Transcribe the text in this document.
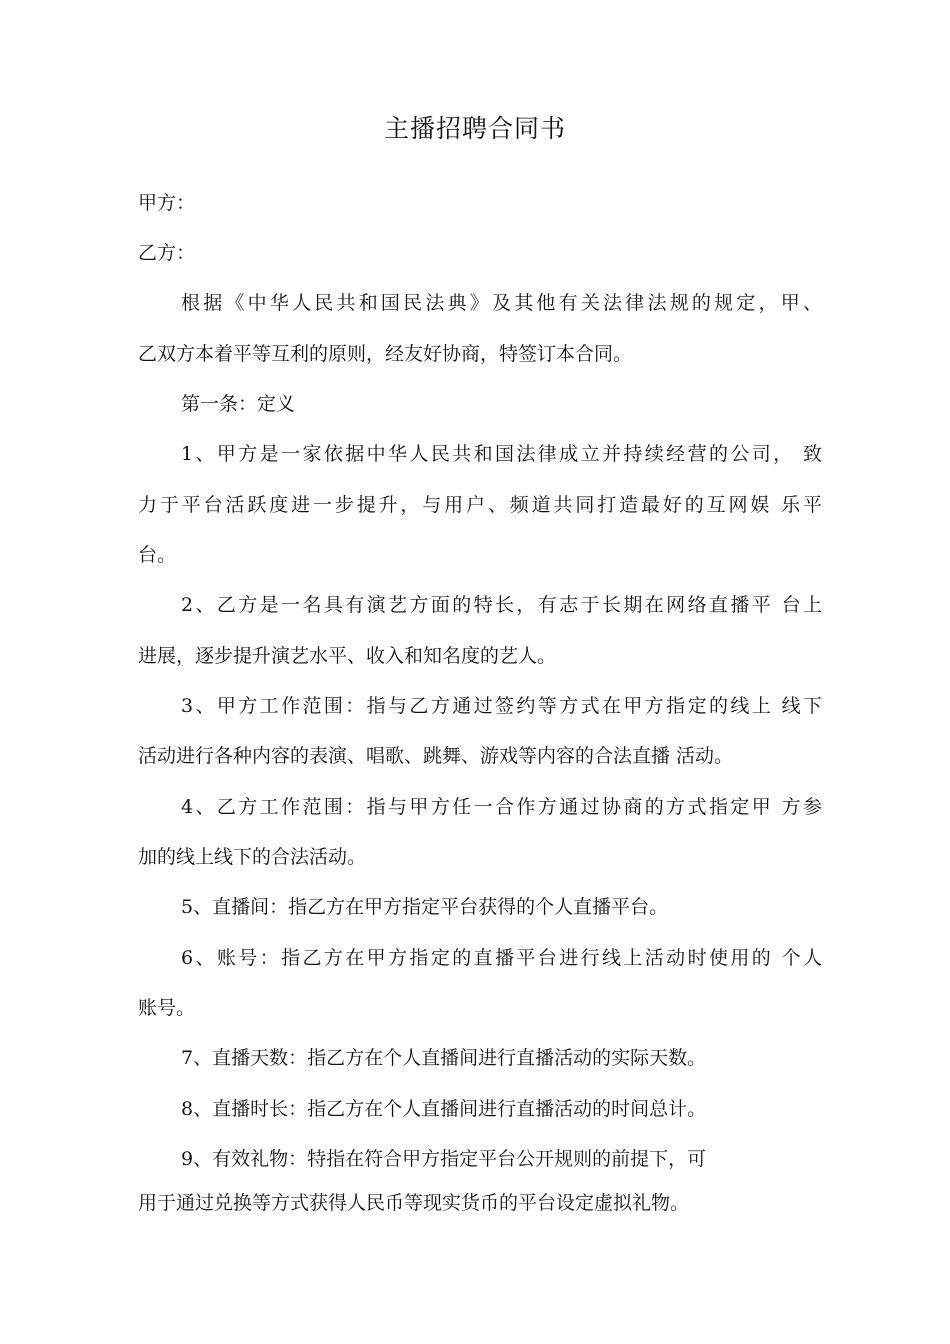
主播招聘合同书
甲方：
乙方：
根据《中华人民共和国民法典》及其他有关法律法规的规定，甲、
乙双方本着平等互利的原则，经友好协商，特签订本合同。
第一条：定义
1、甲方是一家依据中华人民共和国法律成立并持续经营的公司， 致
力于平台活跃度进一步提升，与用户、频道共同打造最好的互网娱 乐平
台。
2、乙方是一名具有演艺方面的特长，有志于长期在网络直播平 台上
进展，逐步提升演艺水平、收入和知名度的艺人。
3、甲方工作范围：指与乙方通过签约等方式在甲方指定的线上 线下
活动进行各种内容的表演、唱歌、跳舞、游戏等内容的合法直播 活动。
4、乙方工作范围：指与甲方任一合作方通过协商的方式指定甲 方参
加的线上线下的合法活动。
5、直播间：指乙方在甲方指定平台获得的个人直播平台。
6、账号：指乙方在甲方指定的直播平台进行线上活动时使用的 个人
账号。
7、直播天数：指乙方在个人直播间进行直播活动的实际天数。
8、直播时长：指乙方在个人直播间进行直播活动的时间总计。
9、有效礼物：特指在符合甲方指定平台公开规则的前提下，可
用于通过兑换等方式获得人民币等现实货币的平台设定虚拟礼物。
